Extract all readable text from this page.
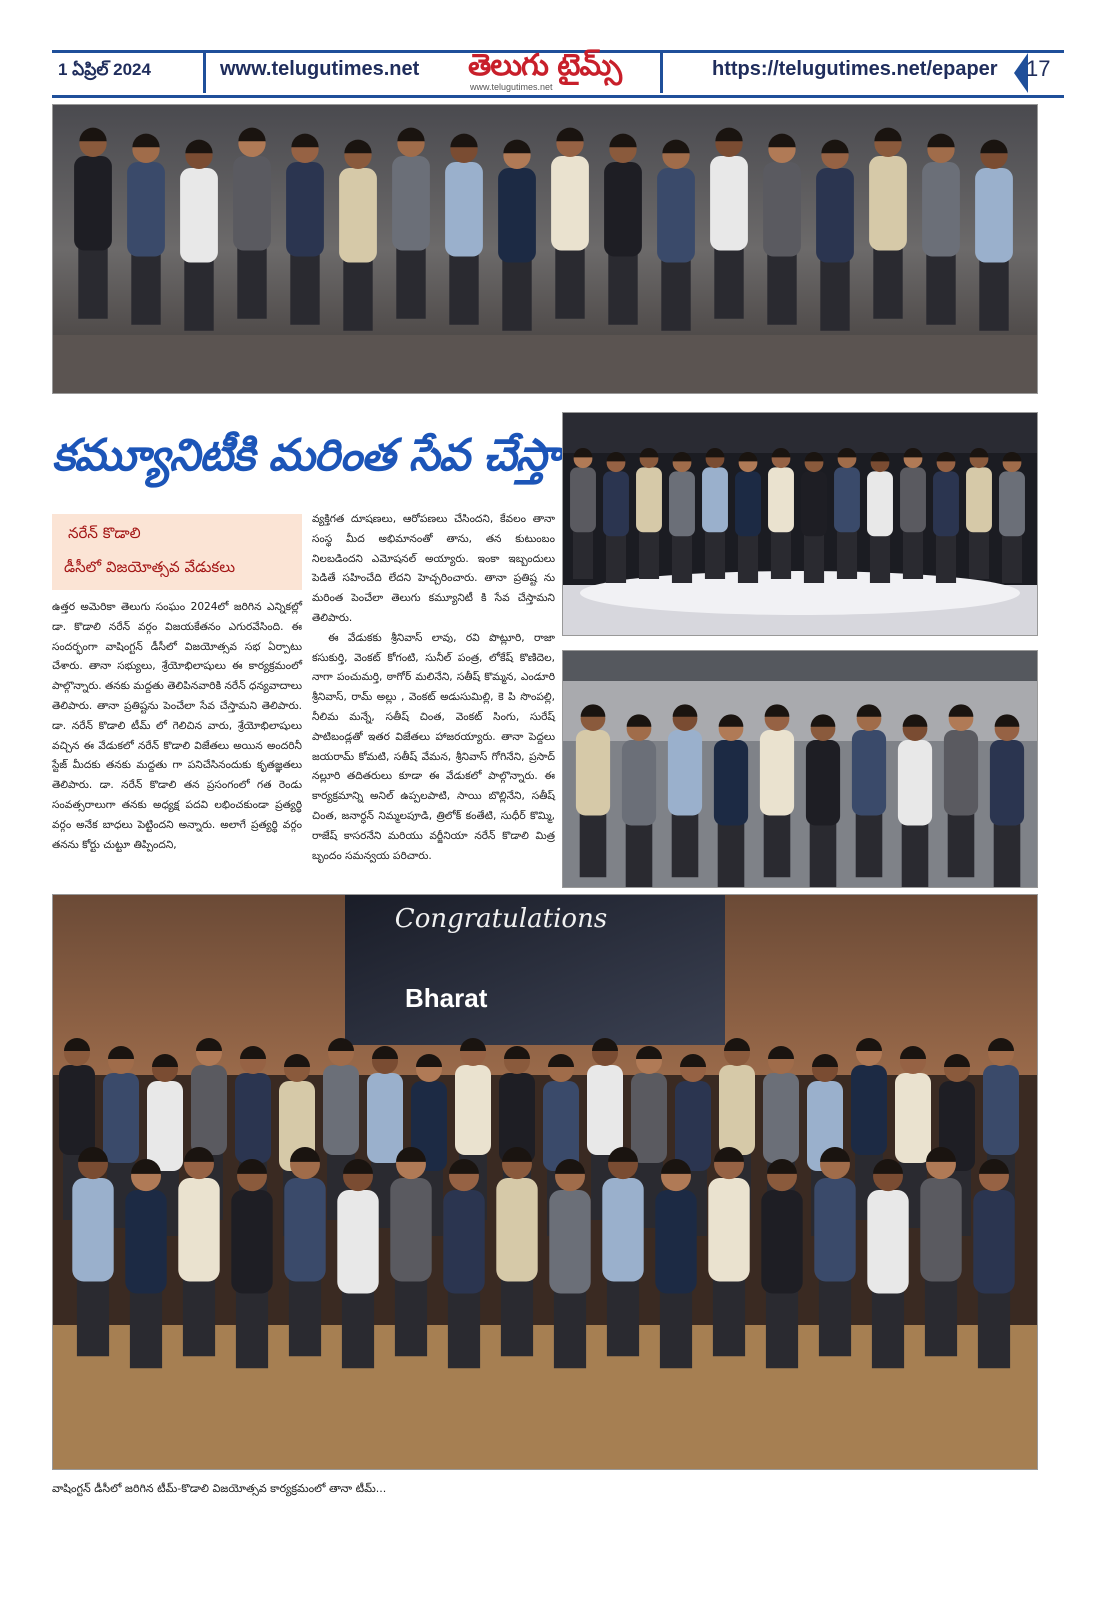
1 ఏప్రిల్ 2024	www.telugutimes.net తెలుగు టైమ్స్
www.telugutimes.net
https://telugutimes.net/epaper 17
కమ్యూనిటీకి మరింత సేవ చేస్తా
నరేన్ కొడాలి
డీసీలో విజయోత్సవ వేడుకలు

ఉత్తర అమెరికా తెలుగు సంఘం 2024లో జరిగిన ఎన్నికల్లో డా. కొడాలి నరేన్ వర్గం విజయకేతనం ఎగురవేసింది. ఈ సందర్భంగా వాషింగ్టన్ డీసీలో విజయోత్సవ సభ ఏర్పాటు చేశారు. తానా సభ్యులు, శ్రేయోభిలాషులు ఈ కార్యక్రమంలో పాల్గొన్నారు. తనకు మద్దతు తెలిపినవారికి నరేన్ ధన్యవాదాలు తెలిపారు. తానా ప్రతిష్టను పెంచేలా సేవ చేస్తామని తెలిపారు. డా. నరేన్ కొడాలి టీమ్ లో గెలిచిన వారు, శ్రేయోభిలాషులు వచ్చిన ఈ వేడుకలో నరేన్ కొడాలి విజేతలు అయిన అందరినీ స్టేజ్ మీదకు తనకు మద్దతు గా పనిచేసినందుకు కృతజ్ఞతలు తెలిపారు. డా. నరేన్ కొడాలి తన ప్రసంగంలో గత రెండు సంవత్సరాలుగా తనకు అధ్యక్ష పదవి లభించకుండా ప్రత్యర్థి వర్గం అనేక బాధలు పెట్టిందని అన్నారు. అలాగే ప్రత్యర్థి వర్గం తనను కోర్టు చుట్టూ తిప్పిందని,

వ్యక్తిగత దూషణలు, ఆరోపణలు చేసిందని, కేవలం తానా సంస్థ మీద అభిమానంతో తాను, తన కుటుంబం నిలబడిందని ఎమోషనల్ అయ్యారు. ఇంకా ఇబ్బందులు పెడితే సహించేది లేదని హెచ్చరించారు. తానా ప్రతిష్ట ను మరింత పెంచేలా తెలుగు కమ్యూనిటీ కి సేవ చేస్తామని తెలిపారు.

ఈ వేడుకకు శ్రీనివాస్ లావు, రవి పొట్లూరి, రాజా కసుకుర్తి, వెంకట్ కోగంటి, సునీల్ పంత్ర, లోకేష్ కొణిదెల, నాగా పంచుమర్తి, ఠాగోర్ మలినేని, సతీష్ కొమ్మన, ఎండూరి శ్రీనివాస్, రామ్ అల్లు , వెంకట్ అడుసుమిల్లి, కె పి సొంపల్లి, నీలిమ మన్నే, సతీష్ చింత, వెంకట్ సింగు, సురేష్ పాటిబండ్లతో ఇతర విజేతలు హాజరయ్యారు. తానా పెద్దలు జయరామ్ కోమటి, సతీష్ వేమన, శ్రీనివాస్ గోగినేని, ప్రసాద్ నల్లూరి తదితరులు కూడా ఈ వేడుకలో పాల్గొన్నారు. ఈ కార్యక్రమాన్ని అనిల్ ఉప్పలపాటి, సాయి బొల్లినేని, సతీష్ చింత, జనార్ధన్ నిమ్మలపూడి, త్రిలోక్ కంతేటి, సుధీర్ కొమ్మి, రాజేష్ కాసరనేని మరియు వర్జీనియా నరేన్ కొడాలి మిత్ర బృందం సమన్వయ పరిచారు.

Congratulations
Bharat
వాషింగ్టన్ డీసీలో జరిగిన టీమ్-కొడాలి విజయోత్సవ కార్యక్రమంలో తానా టీమ్...
